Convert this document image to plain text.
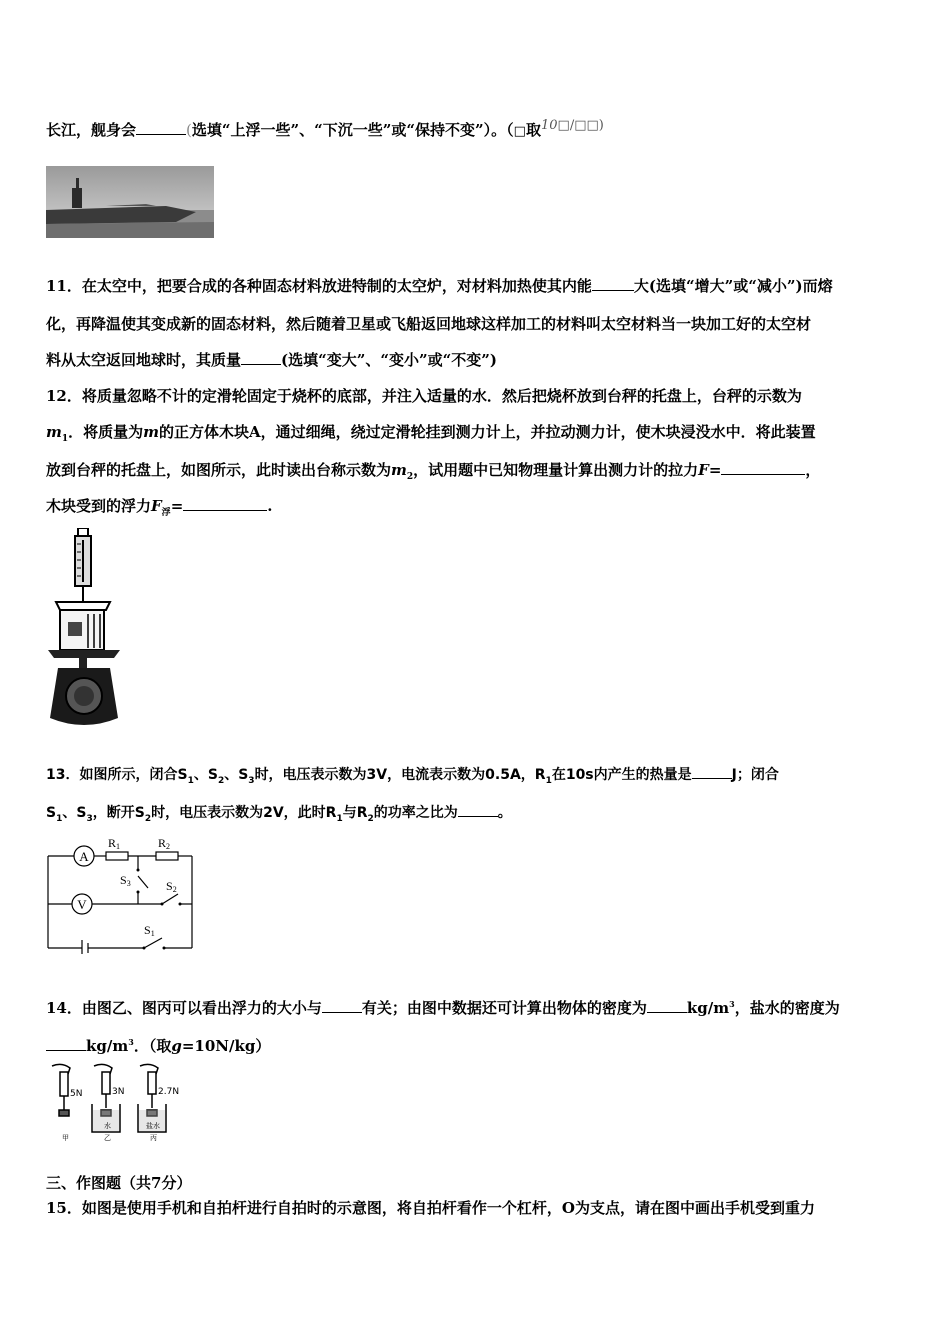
长江，舰身会	(选填“上浮一些”、“下沉一些”或“保持不变”）。（□取10□/□□)
11．在太空中，把要合成的各种固态材料放进特制的太空炉，对材料加热使其内能	大(选填“增大”或“减小”)而熔
化，再降温使其变成新的固态材料，然后随着卫星或飞船返回地球这样加工的材料叫太空材料当一块加工好的太空材
料从太空返回地球时，其质量	(选填“变大”、“变小”或“不变”)
12．将质量忽略不计的定滑轮固定于烧杯的底部，并注入适量的水．然后把烧杯放到台秤的托盘上，台秤的示数为
$m_1$．将质量为m的正方体木块A，通过细绳，绕过定滑轮挂到测力计上，并拉动测力计，使木块浸没水中．将此装置
放到台秤的托盘上，如图所示，此时读出台称示数为$m_2$，试用题中已知物理量计算出测力计的拉力F=	，
木块受到的浮力$F_浮=$	.
13．如图所示，闭合$S_1$、$S_2$、$S_3$时，电压表示数为3V，电流表示数为0.5A，$R_1$在10s内产生的热量是	J；闭合
$S_1$、$S_3$，断开$S_2$时，电压表示数为2V，此时$R_1$与$R_2$的功率之比为	。
A
V
R1	R2
S3	S2
S1
14．由图乙、图丙可以看出浮力的大小与	有关；由图中数据还可计算出物体的密度为	$kg/m^3$，盐水的密度为
$kg/m^3$．（取g=10N/kg）
5N	3N	2.7N
水	盐水
甲	乙	丙
三、作图题（共7分）
15．如图是使用手机和自拍杆进行自拍时的示意图，将自拍杆看作一个杠杆，O为支点，请在图中画出手机受到重力
